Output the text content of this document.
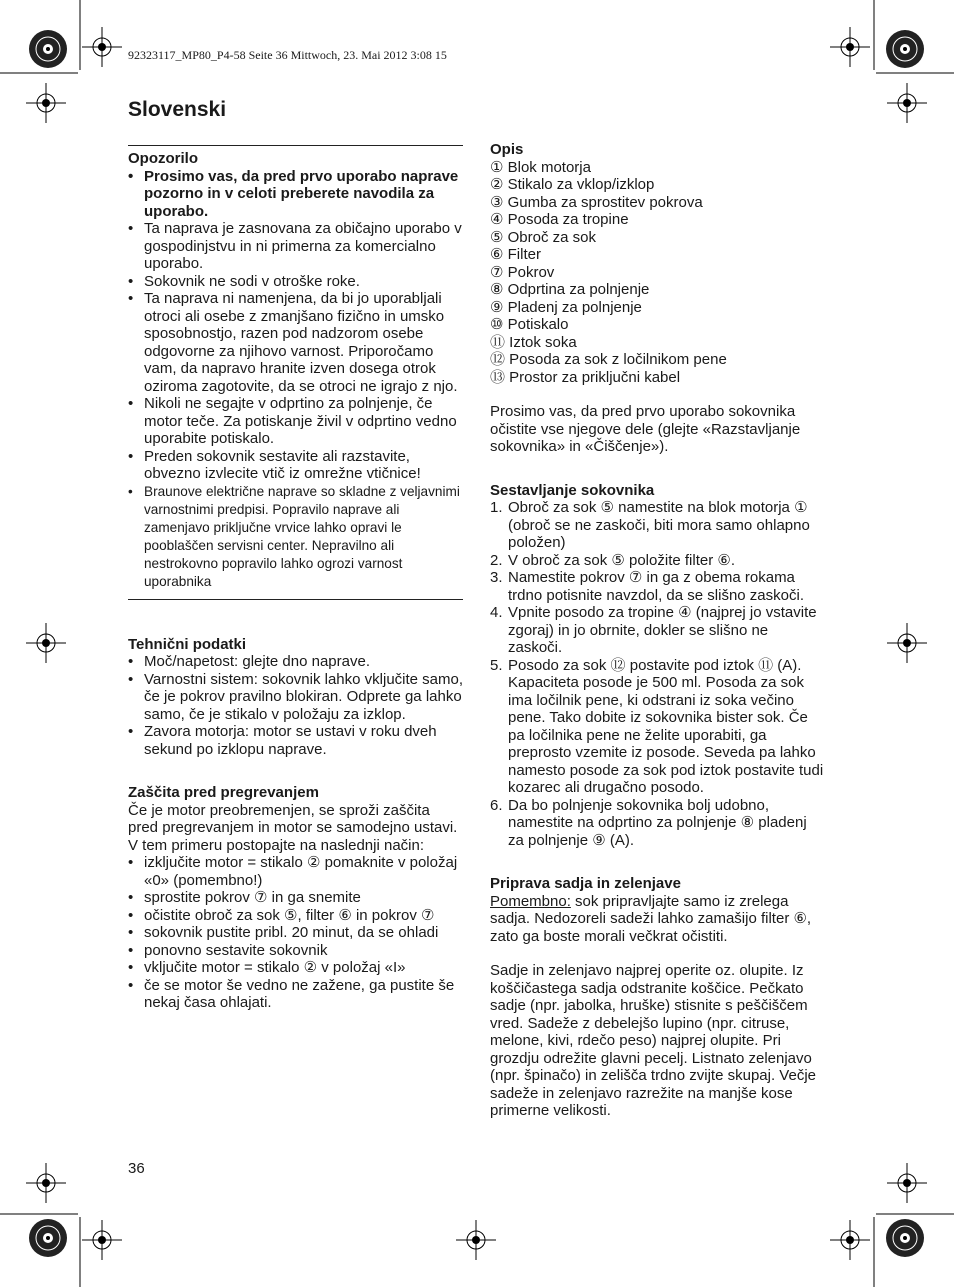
92323117_MP80_P4-58 Seite 36 Mittwoch, 23. Mai 2012 3:08 15
Slovenski
Opozorilo
• Prosimo vas, da pred prvo uporabo naprave pozorno in v celoti preberete navodila za uporabo.
• Ta naprava je zasnovana za običajno uporabo v gospodinjstvu in ni primerna za komercialno uporabo.
• Sokovnik ne sodi v otroške roke.
• Ta naprava ni namenjena, da bi jo uporabljali otroci ali osebe z zmanjšano fizično in umsko sposobnostjo, razen pod nadzorom osebe odgovorne za njihovo varnost. Priporočamo vam, da napravo hranite izven dosega otrok oziroma zagotovite, da se otroci ne igrajo z njo.
• Nikoli ne segajte v odprtino za polnjenje, če motor teče. Za potiskanje živil v odprtino vedno uporabite potiskalo.
• Preden sokovnik sestavite ali razstavite, obvezno izvlecite vtič iz omrežne vtičnice!
• Braunove električne naprave so skladne z veljavnimi varnostnimi predpisi. Popravilo naprave ali zamenjavo priključne vrvice lahko opravi le pooblaščen servisni center. Nepravilno ali nestrokovno popravilo lahko ogrozi varnost uporabnika
Tehnični podatki
• Moč/napetost: glejte dno naprave.
• Varnostni sistem: sokovnik lahko vključite samo, če je pokrov pravilno blokiran. Odprete ga lahko samo, če je stikalo v položaju za izklop.
• Zavora motorja: motor se ustavi v roku dveh sekund po izklopu naprave.
Zaščita pred pregrevanjem
Če je motor preobremenjen, se sproži zaščita pred pregrevanjem in motor se samodejno ustavi. V tem primeru postopajte na naslednji način:
• izključite motor = stikalo ② pomaknite v položaj «0» (pomembno!)
• sprostite pokrov ⑦ in ga snemite
• očistite obroč za sok ⑤, filter ⑥ in pokrov ⑦
• sokovnik pustite pribl. 20 minut, da se ohladi
• ponovno sestavite sokovnik
• vključite motor = stikalo ② v položaj «I»
• če se motor še vedno ne zažene, ga pustite še nekaj časa ohlajati.
Opis
① Blok motorja
② Stikalo za vklop/izklop
③ Gumba za sprostitev pokrova
④ Posoda za tropine
⑤ Obroč za sok
⑥ Filter
⑦ Pokrov
⑧ Odprtina za polnjenje
⑨ Pladenj za polnjenje
⑩ Potiskalo
⑪ Iztok soka
⑫ Posoda za sok z ločilnikom pene
⑬ Prostor za priključni kabel
Prosimo vas, da pred prvo uporabo sokovnika očistite vse njegove dele (glejte «Razstavljanje sokovnika» in «Čiščenje»).
Sestavljanje sokovnika
1. Obroč za sok ⑤ namestite na blok motorja ① (obroč se ne zaskoči, biti mora samo ohlapno položen)
2. V obroč za sok ⑤ položite filter ⑥.
3. Namestite pokrov ⑦ in ga z obema rokama trdno potisnite navzdol, da se slišno zaskoči.
4. Vpnite posodo za tropine ④ (najprej jo vstavite zgoraj) in jo obrnite, dokler se slišno ne zaskoči.
5. Posodo za sok ⑫ postavite pod iztok ⑪ (A). Kapaciteta posode je 500 ml. Posoda za sok ima ločilnik pene, ki odstrani iz soka večino pene. Tako dobite iz sokovnika bister sok. Če pa ločilnika pene ne želite uporabiti, ga preprosto vzemite iz posode. Seveda pa lahko namesto posode za sok pod iztok postavite tudi kozarec ali drugačno posodo.
6. Da bo polnjenje sokovnika bolj udobno, namestite na odprtino za polnjenje ⑧ pladenj za polnjenje ⑨ (A).
Priprava sadja in zelenjave
Pomembno: sok pripravljajte samo iz zrelega sadja. Nedozoreli sadeži lahko zamašijo filter ⑥, zato ga boste morali večkrat očistiti.
Sadje in zelenjavo najprej operite oz. olupite. Iz koščičastega sadja odstranite koščice. Pečkato sadje (npr. jabolka, hruške) stisnite s peščiščem vred. Sadeže z debelejšo lupino (npr. citruse, melone, kivi, rdečo peso) najprej olupite. Pri grozdju odrežite glavni pecelj. Listnato zelenjavo (npr. špinačo) in zelišča trdno zvijte skupaj. Večje sadeže in zelenjavo razrežite na manjše kose primerne velikosti.
36
